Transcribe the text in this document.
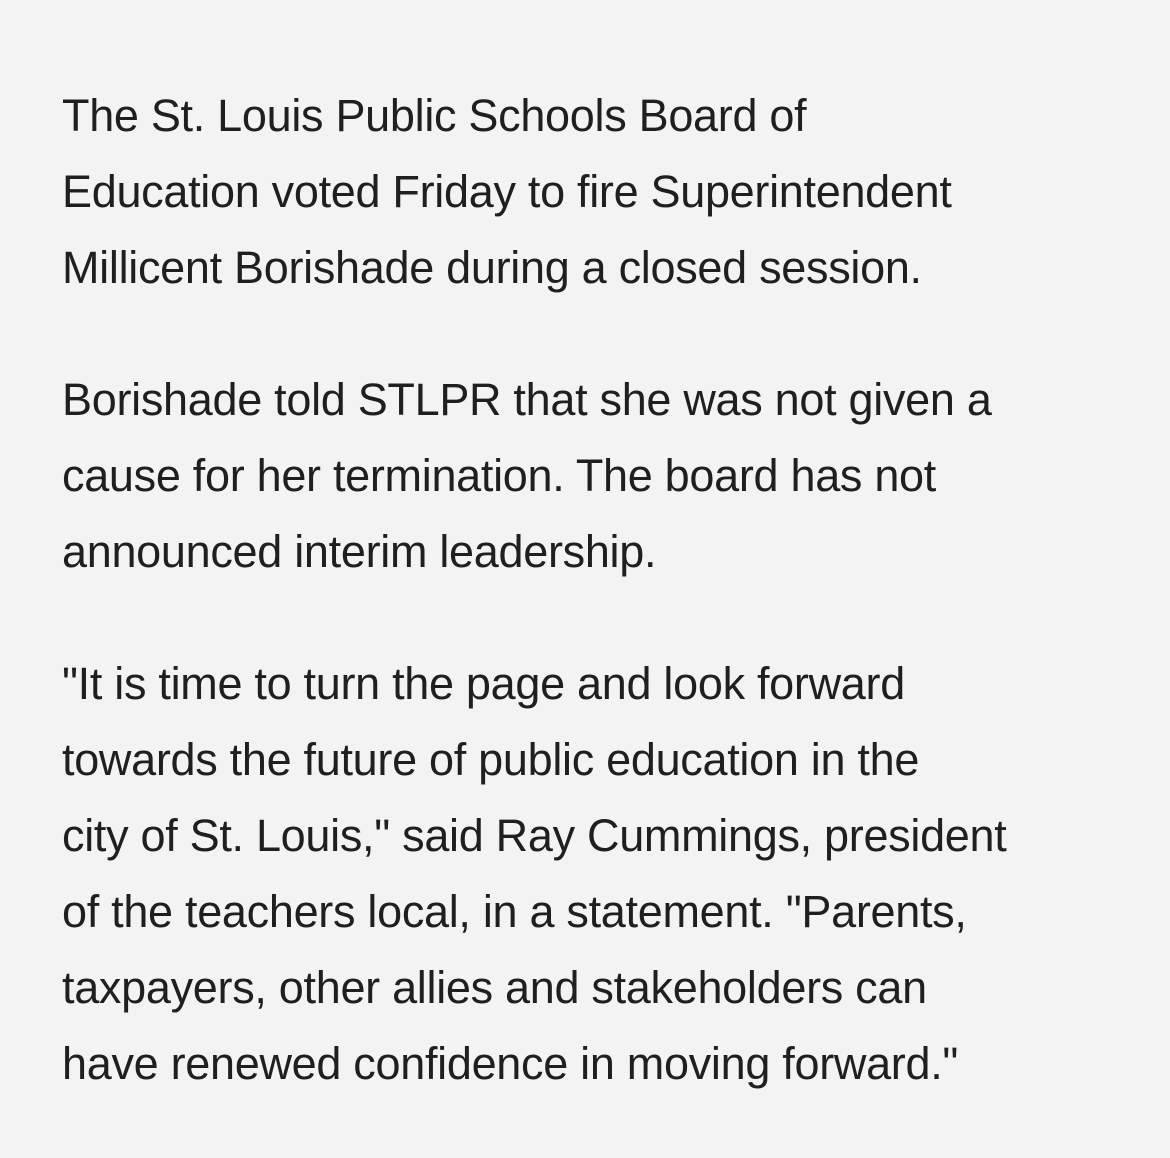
The St. Louis Public Schools Board of
Education voted Friday to fire Superintendent
Millicent Borishade during a closed session.

Borishade told STLPR that she was not given a
cause for her termination. The board has not
announced interim leadership.

"It is time to turn the page and look forward
towards the future of public education in the
city of St. Louis," said Ray Cummings, president
of the teachers local, in a statement. "Parents,
taxpayers, other allies and stakeholders can
have renewed confidence in moving forward."
